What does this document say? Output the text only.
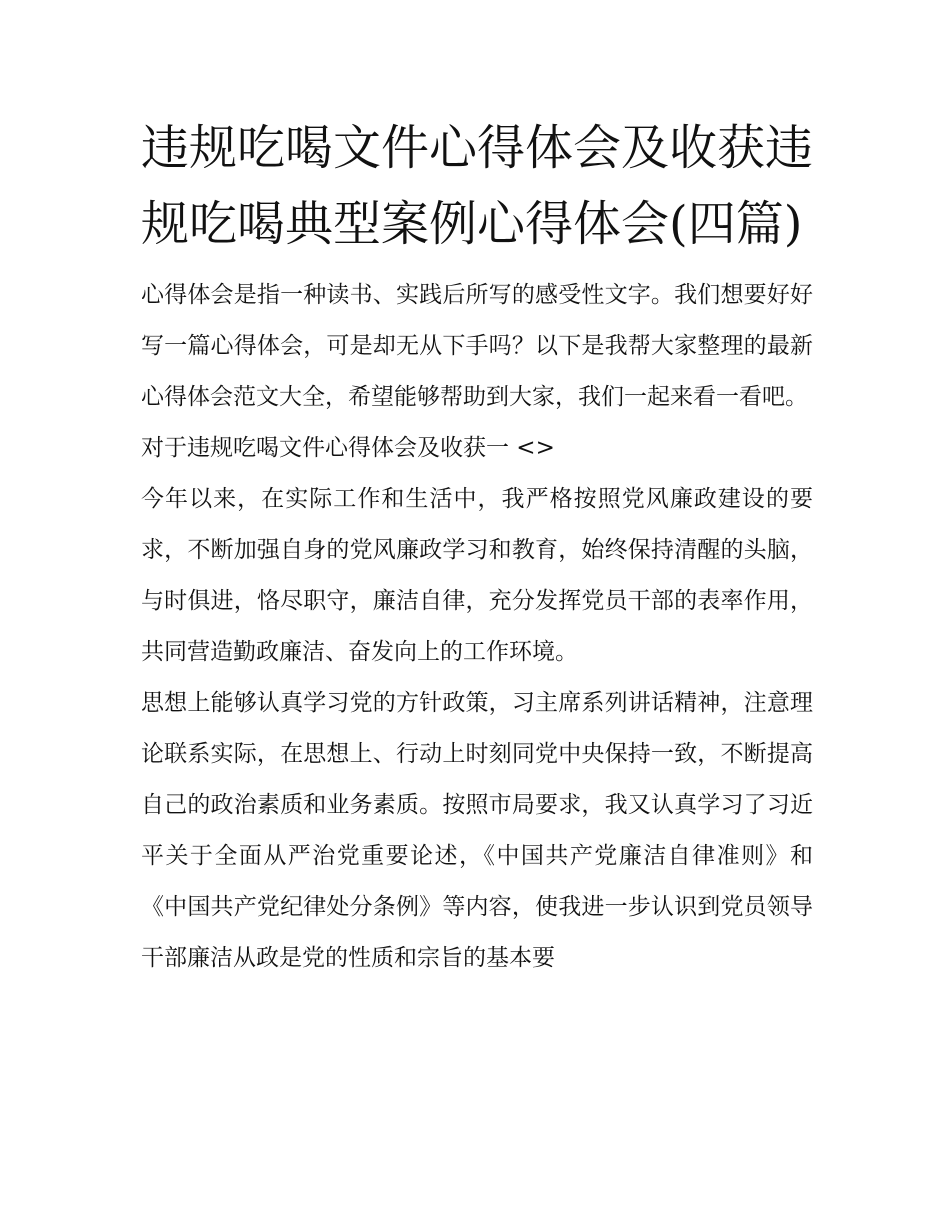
违规吃喝文件心得体会及收获违规吃喝典型案例心得体会(四篇)

心得体会是指一种读书、实践后所写的感受性文字。我们想要好好写一篇心得体会，可是却无从下手吗？以下是我帮大家整理的最新心得体会范文大全，希望能够帮助到大家，我们一起来看一看吧。

对于违规吃喝文件心得体会及收获一 <>

今年以来，在实际工作和生活中，我严格按照党风廉政建设的要求，不断加强自身的党风廉政学习和教育，始终保持清醒的头脑，与时俱进，恪尽职守，廉洁自律，充分发挥党员干部的表率作用，共同营造勤政廉洁、奋发向上的工作环境。

思想上能够认真学习党的方针政策，习主席系列讲话精神，注意理论联系实际，在思想上、行动上时刻同党中央保持一致，不断提高自己的政治素质和业务素质。按照市局要求，我又认真学习了习近平关于全面从严治党重要论述，《中国共产党廉洁自律准则》和《中国共产党纪律处分条例》等内容，使我进一步认识到党员领导干部廉洁从政是党的性质和宗旨的基本要
